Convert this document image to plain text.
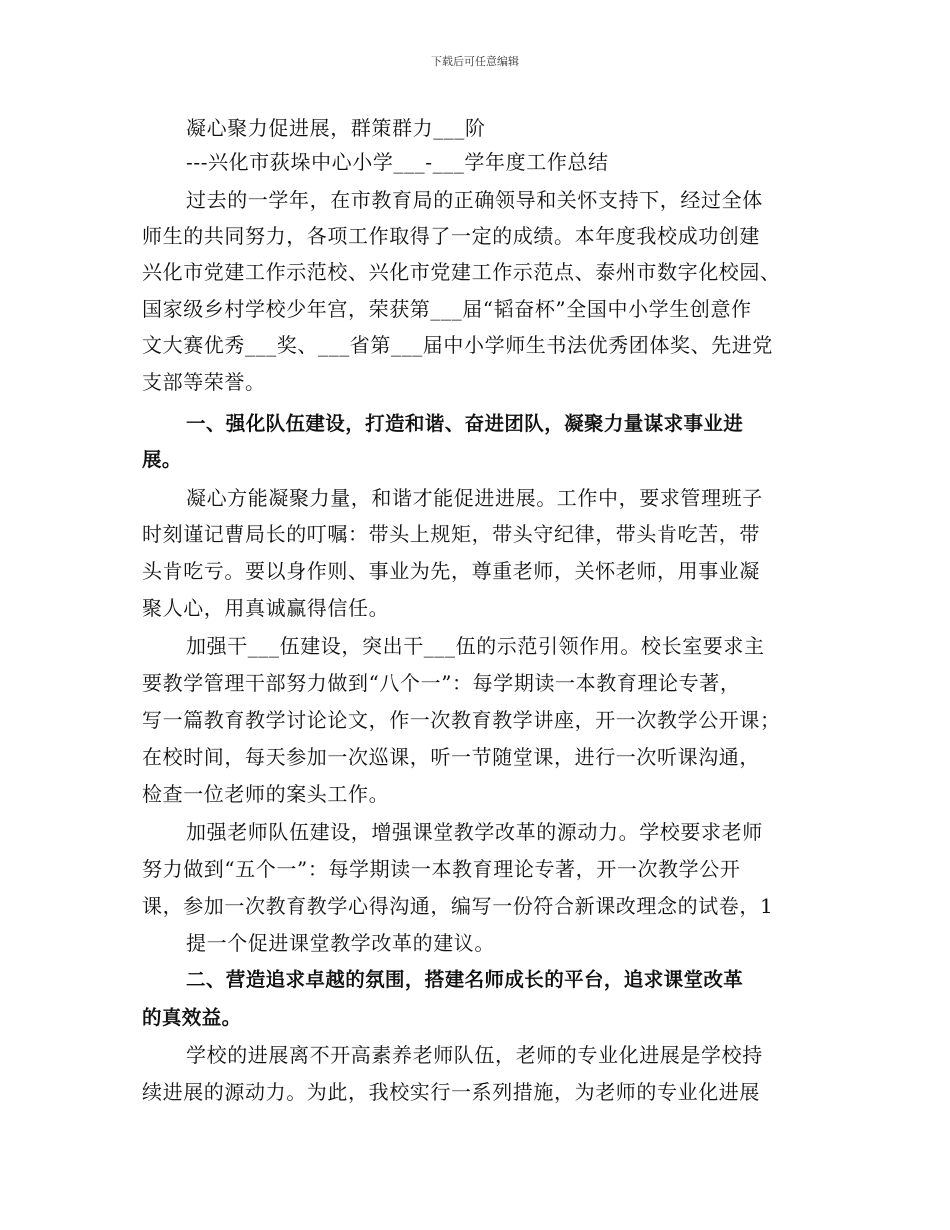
下载后可任意编辑
凝心聚力促进展，群策群力___阶
---兴化市荻垛中心小学___-___学年度工作总结
过去的一学年，在市教育局的正确领导和关怀支持下，经过全体
师生的共同努力，各项工作取得了一定的成绩。本年度我校成功创建
兴化市党建工作示范校、兴化市党建工作示范点、泰州市数字化校园、
国家级乡村学校少年宫，荣获第___届“韬奋杯”全国中小学生创意作
文大赛优秀___奖、___省第___届中小学师生书法优秀团体奖、先进党
支部等荣誉。
一、强化队伍建设，打造和谐、奋进团队，凝聚力量谋求事业进
展。
凝心方能凝聚力量，和谐才能促进进展。工作中，要求管理班子
时刻谨记曹局长的叮嘱：带头上规矩，带头守纪律，带头肯吃苦，带
头肯吃亏。要以身作则、事业为先，尊重老师，关怀老师，用事业凝
聚人心，用真诚赢得信任。
加强干___伍建设，突出干___伍的示范引领作用。校长室要求主
要教学管理干部努力做到“八个一”：每学期读一本教育理论专著，
写一篇教育教学讨论论文，作一次教育教学讲座，开一次教学公开课；
在校时间，每天参加一次巡课，听一节随堂课，进行一次听课沟通，
检查一位老师的案头工作。
加强老师队伍建设，增强课堂教学改革的源动力。学校要求老师
努力做到“五个一”：每学期读一本教育理论专著，开一次教学公开
课，参加一次教育教学心得沟通，编写一份符合新课改理念的试卷，1
提一个促进课堂教学改革的建议。
二、营造追求卓越的氛围，搭建名师成长的平台，追求课堂改革
的真效益。
学校的进展离不开高素养老师队伍，老师的专业化进展是学校持
续进展的源动力。为此，我校实行一系列措施，为老师的专业化进展
